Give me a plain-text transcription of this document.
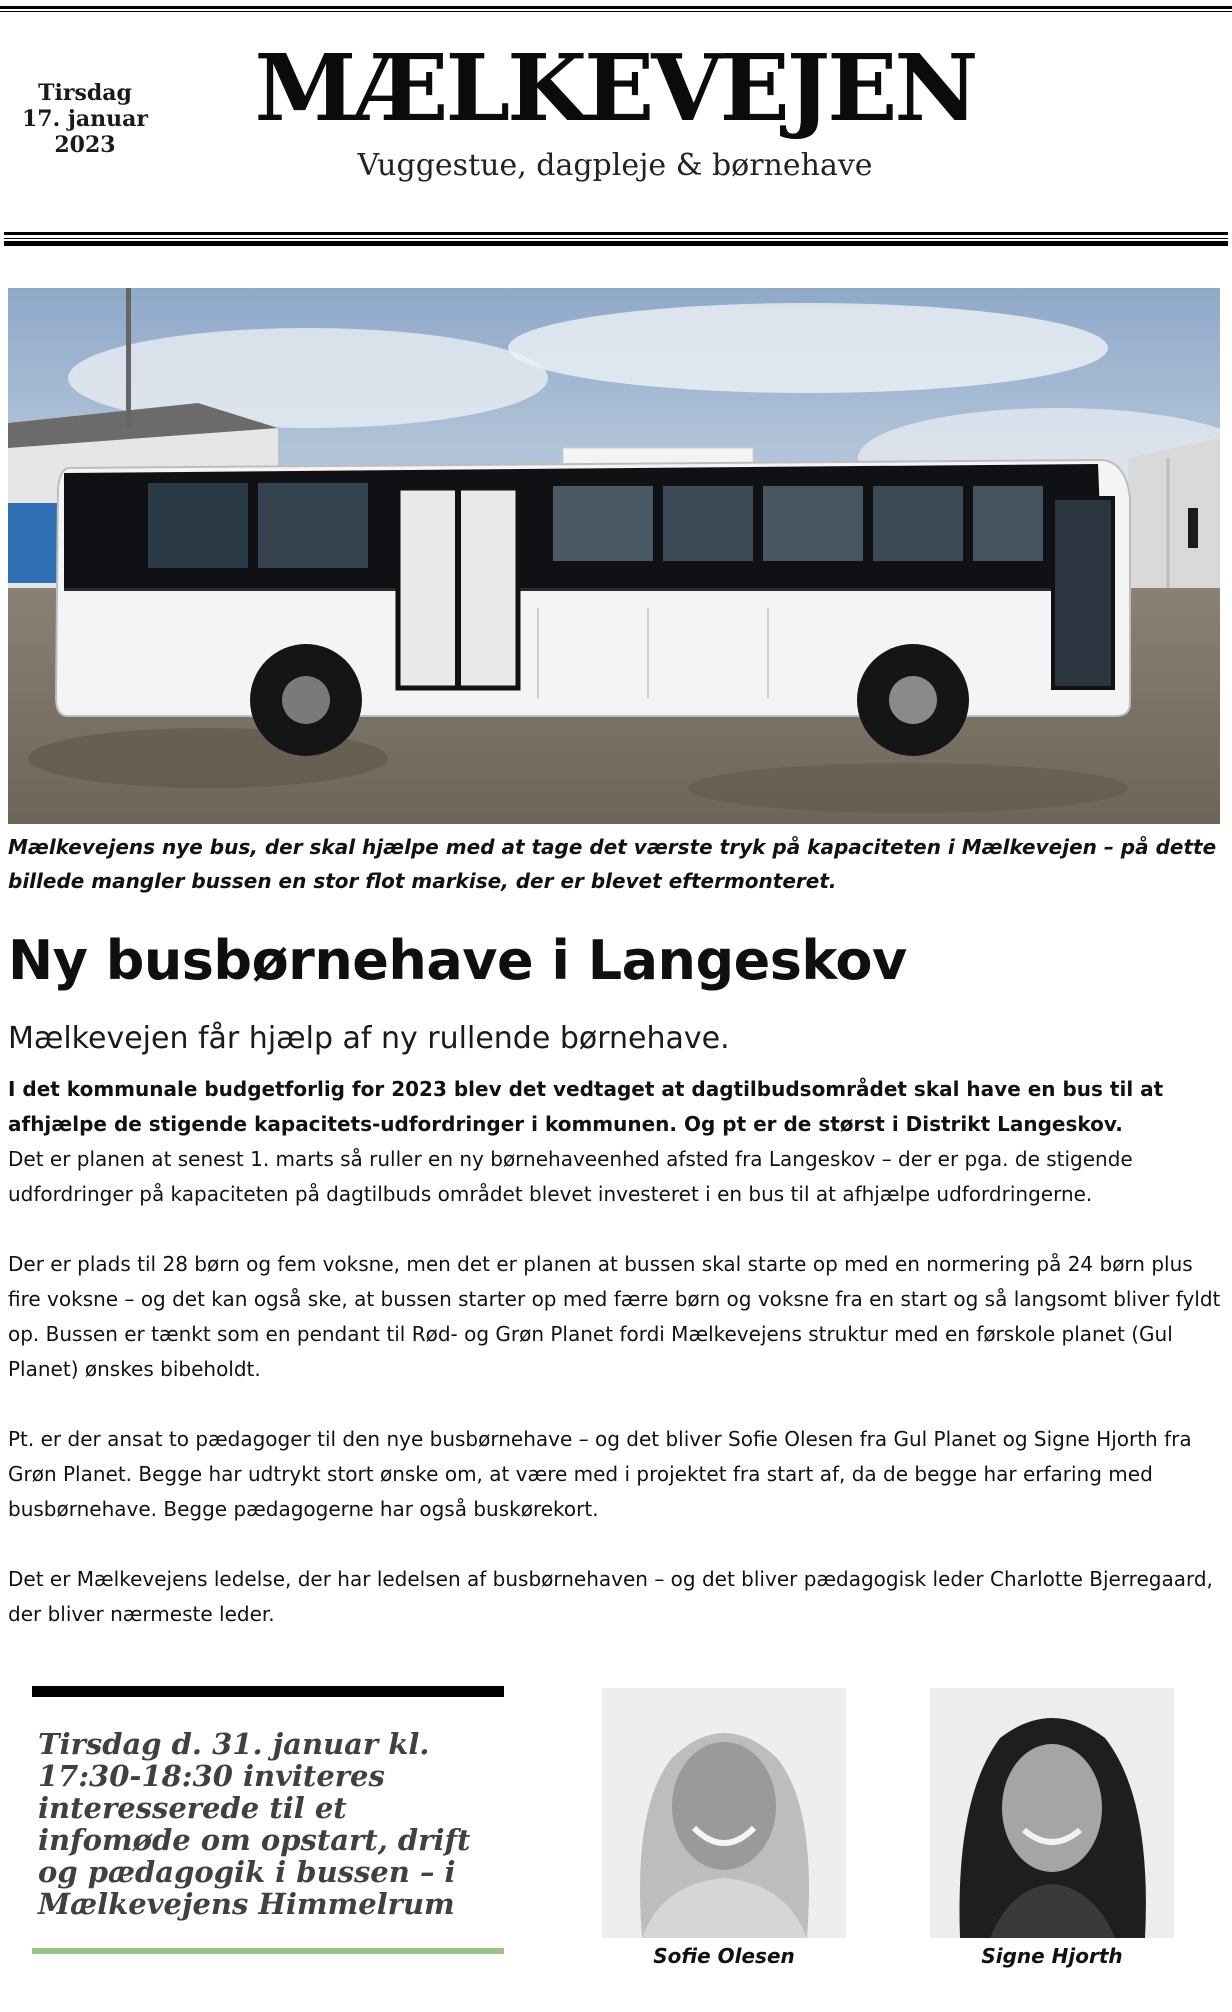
Tirsdag
17. januar
2023
MÆLKEVEJEN
Vuggestue, dagpleje & børnehave
Mælkevejens nye bus, der skal hjælpe med at tage det værste tryk på kapaciteten i Mælkevejen – på dette billede mangler bussen en stor flot markise, der er blevet eftermonteret.
Ny busbørnehave i Langeskov
Mælkevejen får hjælp af ny rullende børnehave.
I det kommunale budgetforlig for 2023 blev det vedtaget at dagtilbudsområdet skal have en bus til at afhjælpe de stigende kapacitets-udfordringer i kommunen. Og pt er de størst i Distrikt Langeskov.

Det er planen at senest 1. marts så ruller en ny børnehaveenhed afsted fra Langeskov – der er pga. de stigende udfordringer på kapaciteten på dagtilbuds området blevet investeret i en bus til at afhjælpe udfordringerne.

Der er plads til 28 børn og fem voksne, men det er planen at bussen skal starte op med en normering på 24 børn plus fire voksne – og det kan også ske, at bussen starter op med færre børn og voksne fra en start og så langsomt bliver fyldt op. Bussen er tænkt som en pendant til Rød- og Grøn Planet fordi Mælkevejens struktur med en førskole planet (Gul Planet) ønskes bibeholdt.

Pt. er der ansat to pædagoger til den nye busbørnehave – og det bliver Sofie Olesen fra Gul Planet og Signe Hjorth fra Grøn Planet. Begge har udtrykt stort ønske om, at være med i projektet fra start af, da de begge har erfaring med busbørnehave. Begge pædagogerne har også buskørekort.

Det er Mælkevejens ledelse, der har ledelsen af busbørnehaven – og det bliver pædagogisk leder Charlotte Bjerregaard, der bliver nærmeste leder.

Tirsdag d. 31. januar kl. 17:30-18:30 inviteres interesserede til et infomøde om opstart, drift og pædagogik i bussen – i Mælkevejens Himmelrum
Sofie Olesen	Signe Hjorth
